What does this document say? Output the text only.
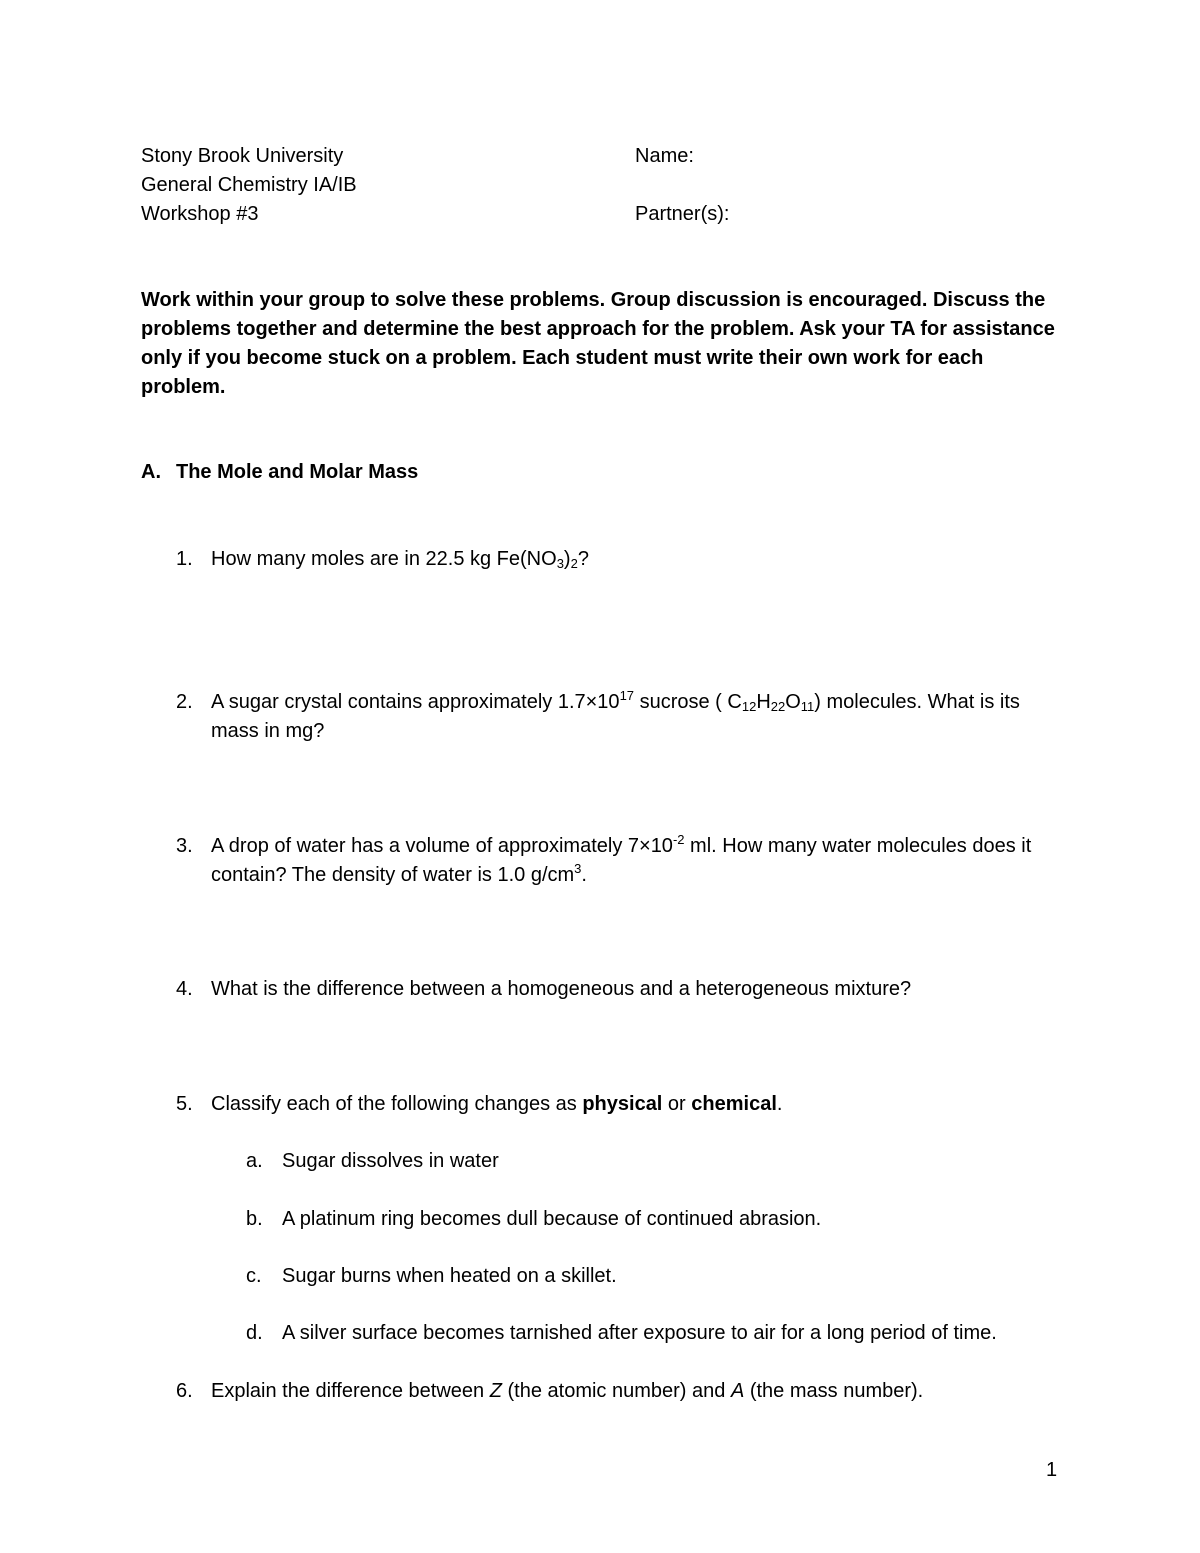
Stony Brook University
General Chemistry IA/IB
Workshop #3
Name:
Partner(s):
Work within your group to solve these problems. Group discussion is encouraged. Discuss the problems together and determine the best approach for the problem. Ask your TA for assistance only if you become stuck on a problem. Each student must write their own work for each problem.
A. The Mole and Molar Mass
1. How many moles are in 22.5 kg $Fe(NO_3)_2$?
2. A sugar crystal contains approximately $1.7\times 10^{17}$ sucrose ( $C_{12}H_{22}O_{11}$) molecules. What is its mass in mg?
3. A drop of water has a volume of approximately $7\times 10^{-2}$ ml. How many water molecules does it contain? The density of water is 1.0 $g/cm^3$.
4. What is the difference between a homogeneous and a heterogeneous mixture?
5. Classify each of the following changes as physical or chemical.
a. Sugar dissolves in water
b. A platinum ring becomes dull because of continued abrasion.
c. Sugar burns when heated on a skillet.
d. A silver surface becomes tarnished after exposure to air for a long period of time.
6. Explain the difference between Z (the atomic number) and A (the mass number).
1
